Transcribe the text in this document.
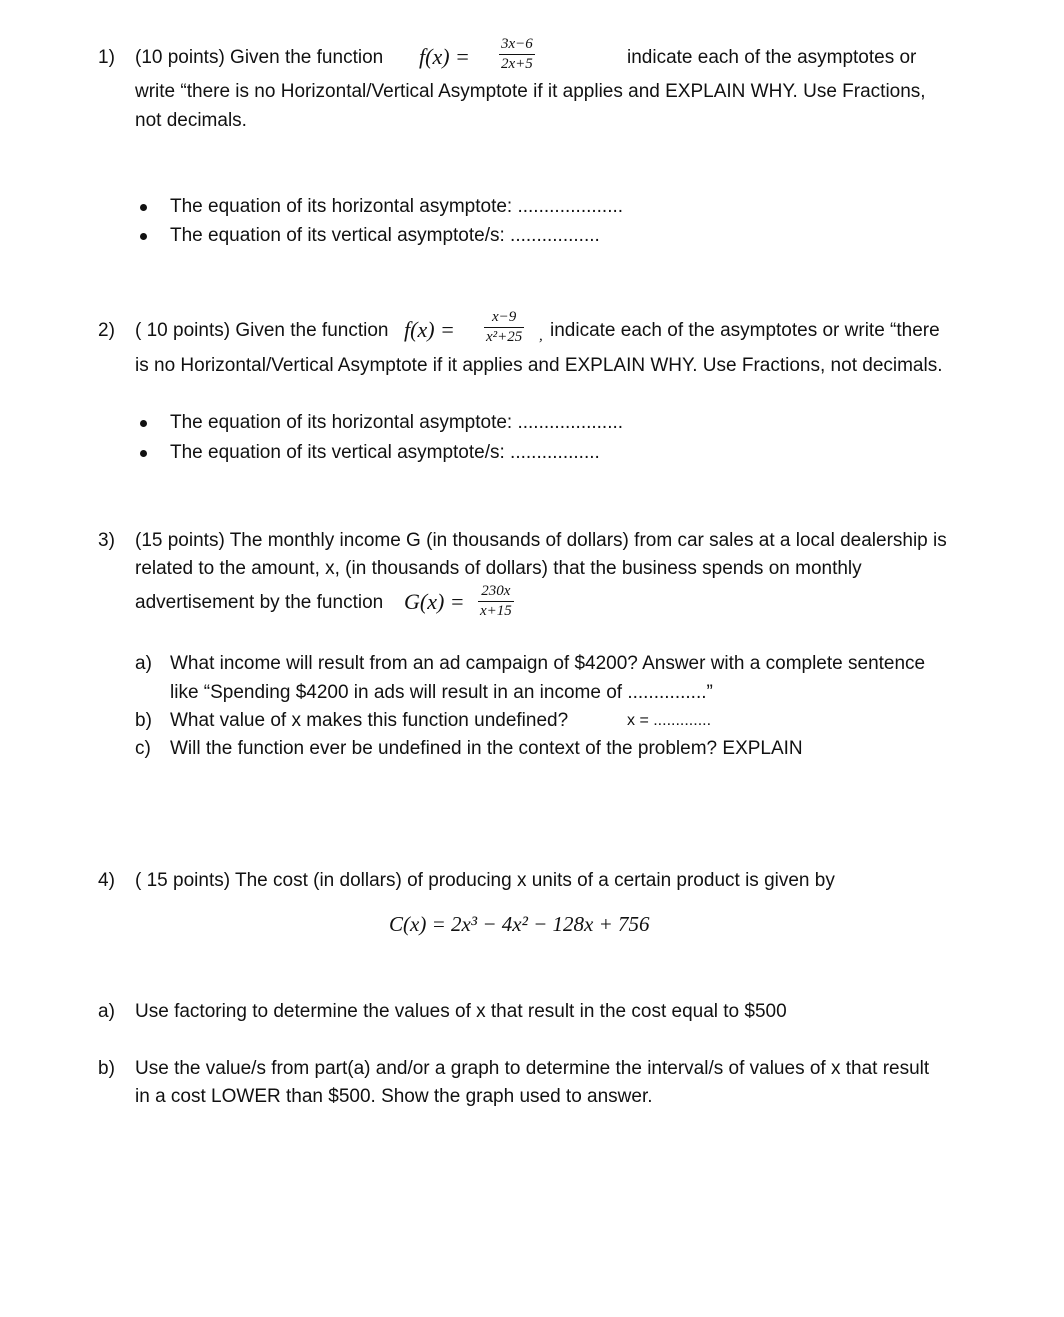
1) (10 points) Given the function f(x) = 3x−6
2x+5	indicate each of the asymptotes or
write “there is no Horizontal/Vertical Asymptote if it applies and EXPLAIN WHY. Use Fractions,
not decimals.
The equation of its horizontal asymptote: ....................
The equation of its vertical asymptote/s: .................
2) ( 10 points) Given the function f(x) =	x−9
x²+25 , indicate each of the asymptotes or write “there
is no Horizontal/Vertical Asymptote if it applies and EXPLAIN WHY. Use Fractions, not decimals.
The equation of its horizontal asymptote: ....................
The equation of its vertical asymptote/s: .................
3) (15 points) The monthly income G (in thousands of dollars) from car sales at a local dealership is
related to the amount, x, (in thousands of dollars) that the business spends on monthly
advertisement by the function G(x) = 230x
x+15
a) What income will result from an ad campaign of $4200? Answer with a complete sentence
like “Spending $4200 in ads will result in an income of ...............”
b) What value of x makes this function undefined?	x = .............
c) Will the function ever be undefined in the context of the problem? EXPLAIN
4) ( 15 points) The cost (in dollars) of producing x units of a certain product is given by
C(x) = 2x³ − 4x² − 128x + 756
a) Use factoring to determine the values of x that result in the cost equal to $500
b) Use the value/s from part(a) and/or a graph to determine the interval/s of values of x that result
in a cost LOWER than $500. Show the graph used to answer.
